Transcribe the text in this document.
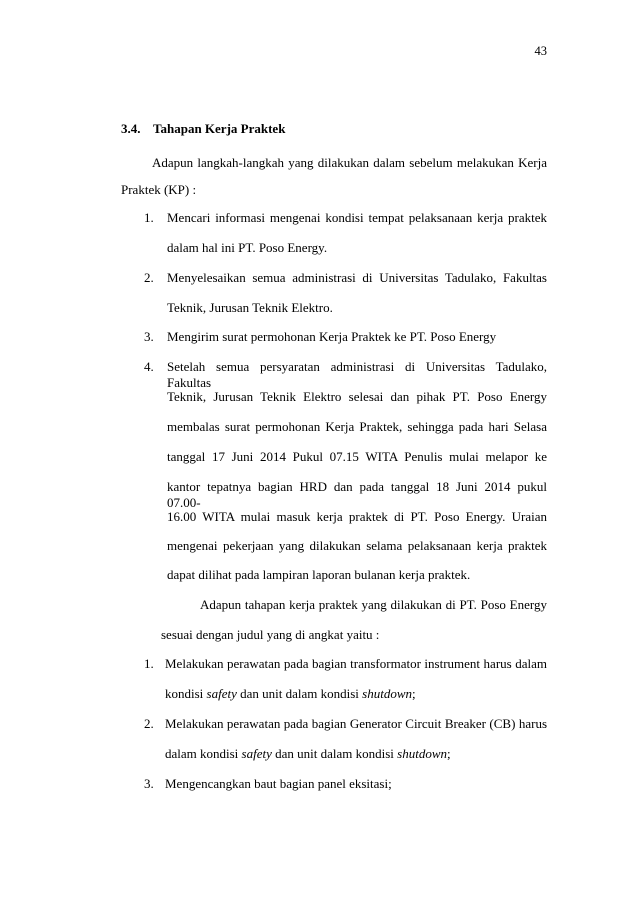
43
3.4. Tahapan Kerja Praktek
Adapun langkah-langkah yang dilakukan dalam sebelum melakukan Kerja
Praktek (KP) :
1. Mencari informasi mengenai kondisi tempat pelaksanaan kerja praktek
dalam hal ini PT. Poso Energy.
2. Menyelesaikan semua administrasi di Universitas Tadulako, Fakultas
Teknik, Jurusan Teknik Elektro.
3. Mengirim surat permohonan Kerja Praktek ke PT. Poso Energy
4. Setelah semua persyaratan administrasi di Universitas Tadulako, Fakultas
Teknik, Jurusan Teknik Elektro selesai dan pihak PT. Poso Energy
membalas surat permohonan Kerja Praktek, sehingga pada hari Selasa
tanggal 17 Juni 2014 Pukul 07.15 WITA Penulis mulai melapor ke
kantor tepatnya bagian HRD dan pada tanggal 18 Juni 2014 pukul 07.00-
16.00 WITA mulai masuk kerja praktek di PT. Poso Energy. Uraian
mengenai pekerjaan yang dilakukan selama pelaksanaan kerja praktek
dapat dilihat pada lampiran laporan bulanan kerja praktek.
Adapun tahapan kerja praktek yang dilakukan di PT. Poso Energy
sesuai dengan judul yang di angkat yaitu :
1. Melakukan perawatan pada bagian transformator instrument harus dalam
kondisi safety dan unit dalam kondisi shutdown;
2. Melakukan perawatan pada bagian Generator Circuit Breaker (CB) harus
dalam kondisi safety dan unit dalam kondisi shutdown;
3. Mengencangkan baut bagian panel eksitasi;
